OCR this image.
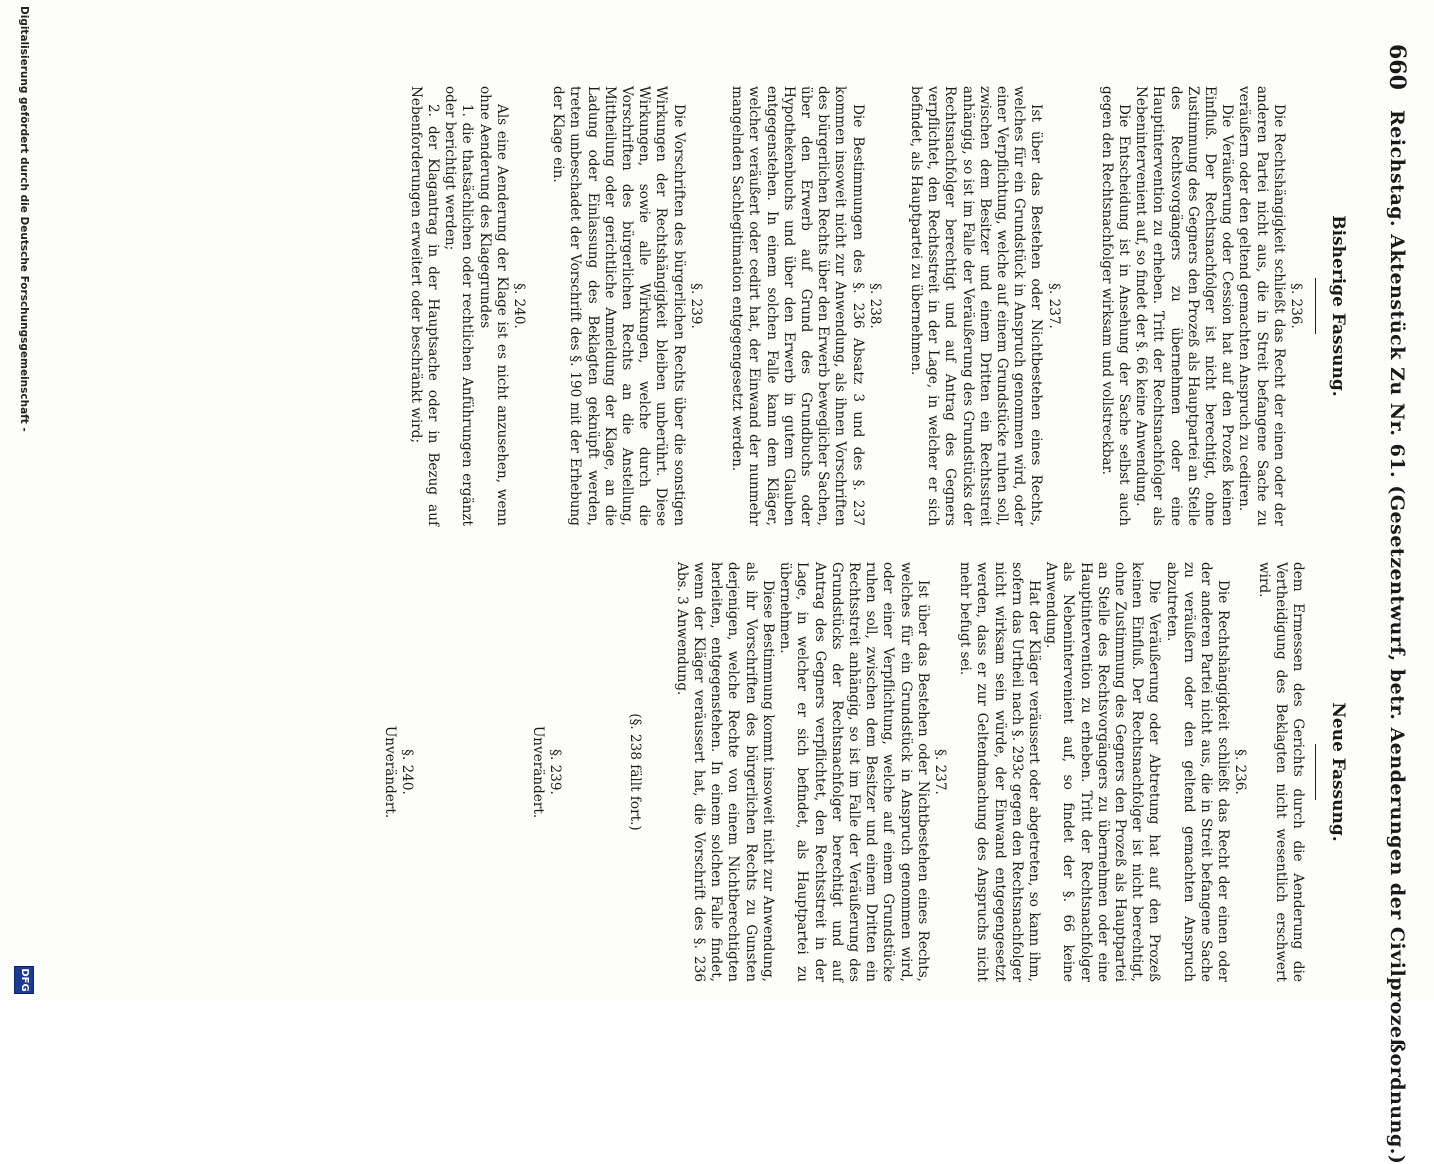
660
Reichstag. Aktenstück Zu Nr. 61. (Gesetzentwurf, betr. Aenderungen der Civilprozeßordnung.)
Bisherige Fassung.
Neue Fassung.
§. 236.

Die Rechtshängigkeit schließt das Recht der einen oder der anderen Partei nicht aus, die in Streit befangene Sache zu veräußern oder den geltend gemachten Anspruch zu cediren.

Die Veräußerung oder Cession hat auf den Prozeß keinen Einfluß. Der Rechtsnachfolger ist nicht berechtigt, ohne Zustimmung des Gegners den Prozeß als Hauptpartei an Stelle des Rechtsvorgängers zu übernehmen oder eine Hauptintervention zu erheben. Tritt der Rechtsnachfolger als Nebenintervenient auf, so findet der §. 66 keine Anwendung.

Die Entscheidung ist in Ansehung der Sache selbst auch gegen den Rechtsnachfolger wirksam und vollstreckbar.

§. 237.

Ist über das Bestehen oder Nichtbestehen eines Rechts, welches für ein Grundstück in Anspruch genommen wird, oder einer Verpflichtung, welche auf einem Grundstücke ruhen soll, zwischen dem Besitzer und einem Dritten ein Rechtsstreit anhängig, so ist im Falle der Veräußerung des Grundstücks der Rechtsnachfolger berechtigt und auf Antrag des Gegners verpflichtet, den Rechtsstreit in der Lage, in welcher er sich befindet, als Hauptpartei zu übernehmen.

§. 238.

Die Bestimmungen des §. 236 Absatz 3 und des §. 237 kommen insoweit nicht zur Anwendung, als ihnen Vorschriften des bürgerlichen Rechts über den Erwerb beweglicher Sachen, über den Erwerb auf Grund des Grundbuchs oder Hypothekenbuchs und über den Erwerb in gutem Glauben entgegenstehen. In einem solchen Falle kann dem Kläger, welcher veräußert oder cedirt hat, der Einwand der nunmehr mangelnden Sachlegitimation entgegengesetzt werden.

§. 239.

Die Vorschriften des bürgerlichen Rechts über die sonstigen Wirkungen der Rechtshängigkeit bleiben unberührt. Diese Wirkungen, sowie alle Wirkungen, welche durch die Vorschriften des bürgerlichen Rechts an die Anstellung, Mittheilung oder gerichtliche Anmeldung der Klage, an die Ladung oder Einlassung des Beklagten geknüpft werden, treten unbeschadet der Vorschrift des §. 190 mit der Erhebung der Klage ein.

§. 240.

Als eine Aenderung der Klage ist es nicht anzusehen, wenn ohne Aenderung des Klagegrundes

1. die thatsächlichen oder rechtlichen Anführungen ergänzt oder berichtigt werden;

2. der Klagantrag in der Hauptsache oder in Bezug auf Nebenforderungen erweitert oder beschränkt wird;

dem Ermessen des Gerichts durch die Aenderung die Vertheidigung des Beklagten nicht wesentlich erschwert wird.

§. 236.

Die Rechtshängigkeit schließt das Recht der einen oder der anderen Partei nicht aus, die in Streit befangene Sache zu veräußern oder den geltend gemachten Anspruch abzutreten.

Die Veräußerung oder Abtretung hat auf den Prozeß keinen Einfluß. Der Rechtsnachfolger ist nicht berechtigt, ohne Zustimmung des Gegners den Prozeß als Hauptpartei an Stelle des Rechtsvorgängers zu übernehmen oder eine Hauptintervention zu erheben. Tritt der Rechtsnachfolger als Nebenintervenient auf, so findet der §. 66 keine Anwendung.

Hat der Kläger veräussert oder abgetreten, so kann ihm, sofern das Urtheil nach §. 293c gegen den Rechtsnachfolger nicht wirksam sein würde, der Einwand entgegengesetzt werden, dass er zur Geltendmachung des Anspruchs nicht mehr befugt sei.

§. 237.

Ist über das Bestehen oder Nichtbestehen eines Rechts, welches für ein Grundstück in Anspruch genommen wird, oder einer Verpflichtung, welche auf einem Grundstücke ruhen soll, zwischen dem Besitzer und einem Dritten ein Rechtsstreit anhängig, so ist im Falle der Veräußerung des Grundstücks der Rechtsnachfolger berechtigt und auf Antrag des Gegners verpflichtet, den Rechtsstreit in der Lage, in welcher er sich befindet, als Hauptpartei zu übernehmen.

Diese Bestimmung kommt insoweit nicht zur Anwendung, als ihr Vorschriften des bürgerlichen Rechts zu Gunsten derjenigen, welche Rechte von einem Nichtberechtigten herleiten, entgegenstehen. In einem solchen Falle findet, wenn der Kläger veräussert hat, die Vorschrift des §. 236 Abs. 3 Anwendung.

(§. 238 fällt fort.)
§. 239.
Unverändert.
§. 240.
Unverändert.
Digitalisierung gefördert durch die Deutsche Forschungsgemeinschaft -
DFG
